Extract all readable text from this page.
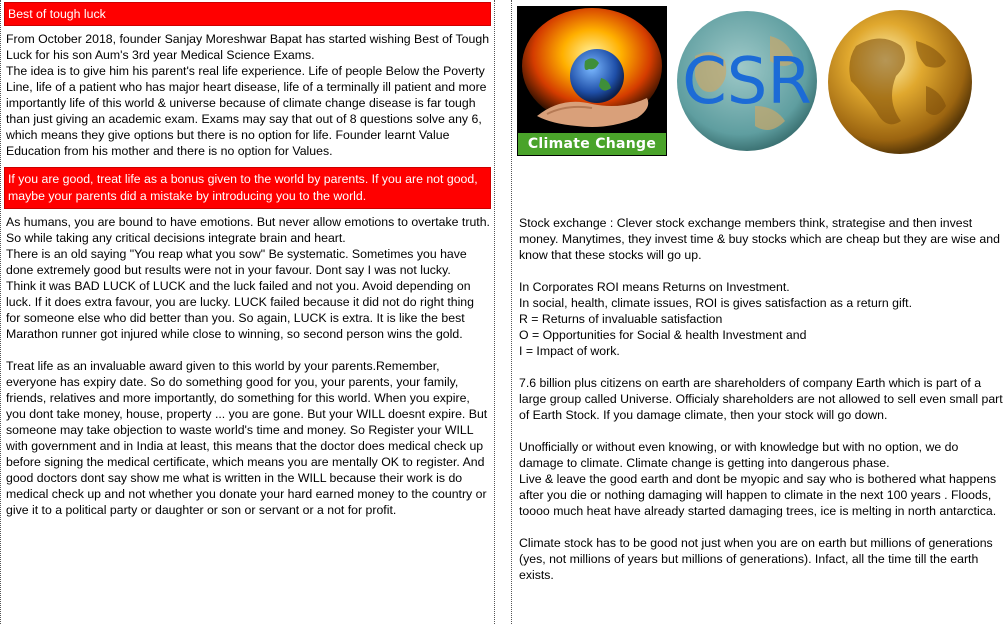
Best of tough luck
From October 2018, founder Sanjay Moreshwar Bapat has started wishing Best of Tough Luck for his son Aum's 3rd year Medical Science Exams.
The idea is to give him his parent's real life experience. Life of people Below the Poverty Line, life of a patient who has major heart disease, life of a terminally ill patient and more importantly life of this world & universe because of climate change disease is far tough than just giving an academic exam. Exams may say that out of 8 questions solve any 6, which means they give options but there is no option for life. Founder learnt Value Education from his mother and there is no option for Values.
If you are good, treat life as a bonus given to the world by parents. If you are not good, maybe your parents did a mistake by introducing you to the world.
As humans, you are bound to have emotions. But never allow emotions to overtake truth. So while taking any critical decisions integrate brain and heart.
There is an old saying "You reap what you sow" Be systematic. Sometimes you have done extremely good but results were not in your favour. Dont say I was not lucky.
Think it was BAD LUCK of LUCK and the luck failed and not you. Avoid depending on luck. If it does extra favour, you are lucky. LUCK failed because it did not do right thing for someone else who did better than you. So again, LUCK is extra. It is like the best Marathon runner got injured while close to winning, so second person wins the gold.
Treat life as an invaluable award given to this world by your parents.Remember, everyone has expiry date. So do something good for you, your parents, your family, friends, relatives and more importantly, do something for this world. When you expire, you dont take money, house, property ... you are gone. But your WILL doesnt expire. But someone may take objection to waste world's time and money. So Register your WILL with government and in India at least, this means that the doctor does medical check up before signing the medical certificate, which means you are mentally OK to register. And good doctors dont say show me what is written in the WILL because their work is do medical check up and not whether you donate your hard earned money to the country or give it to a political party or daughter or son or servant or a not for profit.
Climate Change
CSR
Stock exchange : Clever stock exchange members think, strategise and then invest money. Manytimes, they invest time & buy stocks which are cheap but they are wise and know that these stocks will go up.
In Corporates ROI means Returns on Investment.
In social, health, climate issues, ROI is gives satisfaction as a return gift.
R = Returns of invaluable satisfaction
O = Opportunities for Social & health Investment and
I = Impact of work.
7.6 billion plus citizens on earth are shareholders of company Earth which is part of a large group called Universe. Officialy shareholders are not allowed to sell even small part of Earth Stock. If you damage climate, then your stock will go down.
Unofficially or without even knowing, or with knowledge but with no option, we do damage to climate. Climate change is getting into dangerous phase.
Live & leave the good earth and dont be myopic and say who is bothered what happens after you die or nothing damaging will happen to climate in the next 100 years . Floods, toooo much heat have already started damaging trees, ice is melting in north antarctica.
Climate stock has to be good not just when you are on earth but millions of generations (yes, not millions of years but millions of generations). Infact, all the time till the earth exists.
